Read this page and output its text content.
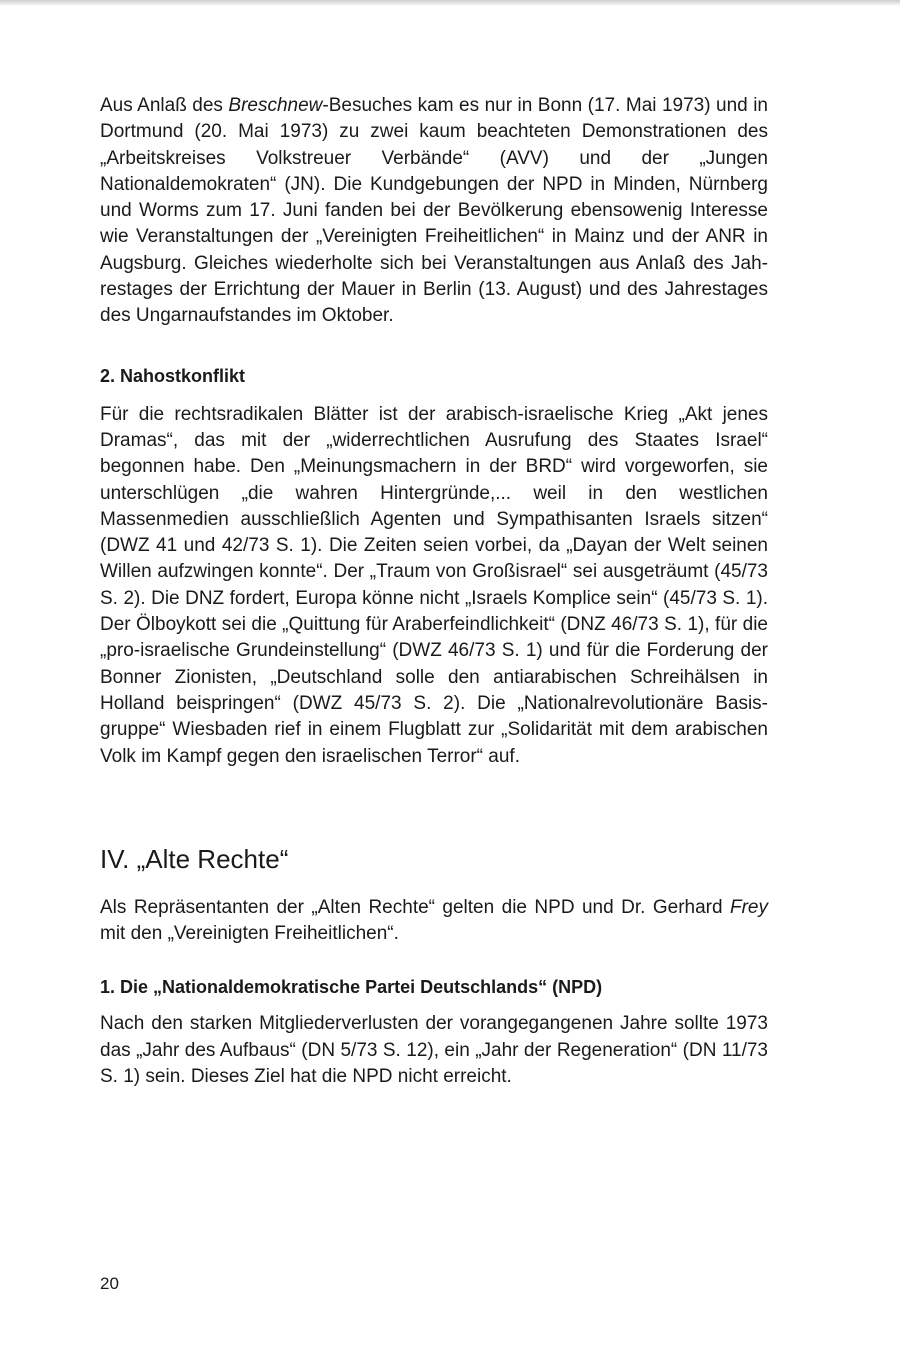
Aus Anlaß des Breschnew-Besuches kam es nur in Bonn (17. Mai 1973) und in Dortmund (20. Mai 1973) zu zwei kaum beachteten Demonstrationen des „Arbeitskreises Volkstreuer Verbände“ (AVV) und der „Jungen Nationaldemokraten“ (JN). Die Kundgebungen der NPD in Minden, Nürnberg und Worms zum 17. Juni fanden bei der Bevölkerung ebensowenig Interesse wie Veranstaltungen der „Vereinigten Freiheitlichen“ in Mainz und der ANR in Augsburg. Gleiches wiederholte sich bei Veranstaltungen aus Anlaß des Jahrestages der Errichtung der Mauer in Berlin (13. August) und des Jahrestages des Ungarnaufstandes im Oktober.

2. Nahostkonflikt

Für die rechtsradikalen Blätter ist der arabisch-israelische Krieg „Akt jenes Dramas“, das mit der „widerrechtlichen Ausrufung des Staates Israel“ begonnen habe. Den „Meinungsmachern in der BRD“ wird vorgeworfen, sie unterschlügen „die wahren Hintergründe,... weil in den westlichen Massenmedien ausschließlich Agenten und Sympathisanten Israels sitzen“ (DWZ 41 und 42/73 S. 1). Die Zeiten seien vorbei, da „Dayan der Welt seinen Willen aufzwingen konnte“. Der „Traum von Großisrael“ sei ausgeträumt (45/73 S. 2). Die DNZ fordert, Europa könne nicht „Israels Komplice sein“ (45/73 S. 1). Der Ölboykott sei die „Quittung für Araberfeindlichkeit“ (DNZ 46/73 S. 1), für die „pro-israelische Grundeinstellung“ (DWZ 46/73 S. 1) und für die Forderung der Bonner Zionisten, „Deutschland solle den antiarabischen Schreihälsen in Holland beispringen“ (DWZ 45/73 S. 2). Die „Nationalrevolutionäre Basisgruppe“ Wiesbaden rief in einem Flugblatt zur „Solidarität mit dem arabischen Volk im Kampf gegen den israelischen Terror“ auf.

IV. „Alte Rechte“

Als Repräsentanten der „Alten Rechte“ gelten die NPD und Dr. Gerhard Frey mit den „Vereinigten Freiheitlichen“.

1. Die „Nationaldemokratische Partei Deutschlands“ (NPD)

Nach den starken Mitgliederverlusten der vorangegangenen Jahre sollte 1973 das „Jahr des Aufbaus“ (DN 5/73 S. 12), ein „Jahr der Regeneration“ (DN 11/73 S. 1) sein. Dieses Ziel hat die NPD nicht erreicht.

20
